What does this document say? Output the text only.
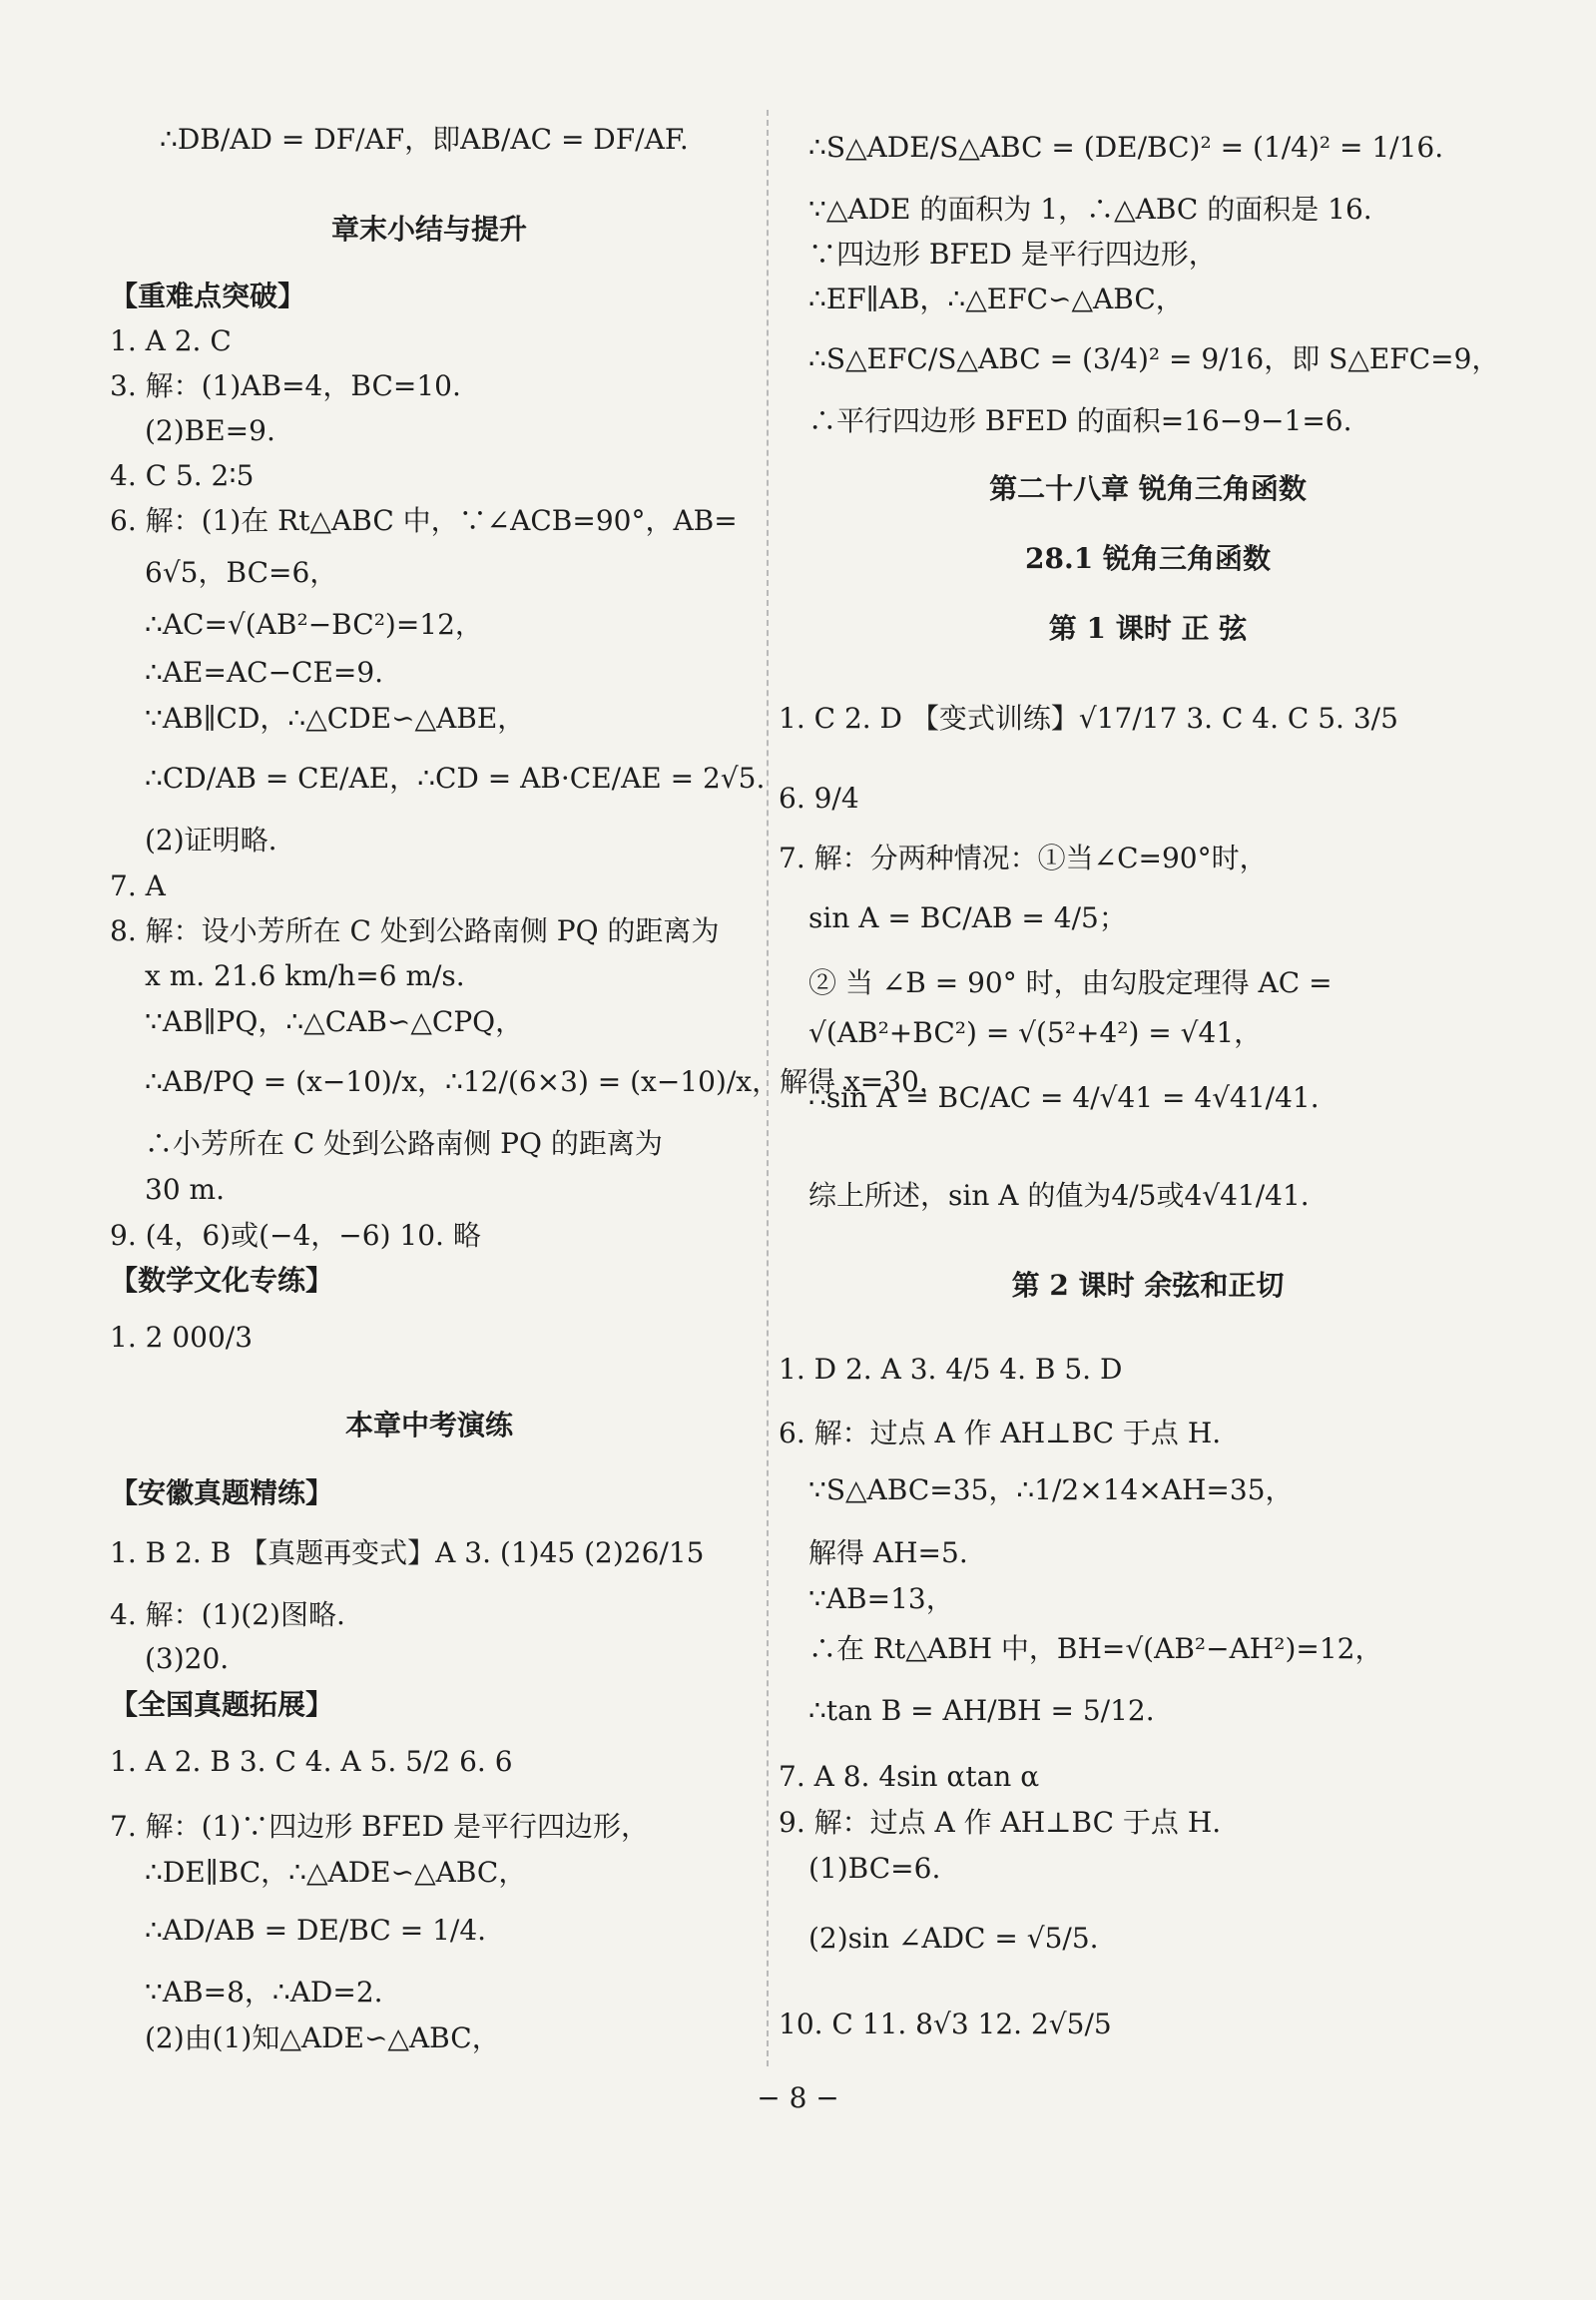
∴DB/AD = DF/AF，即AB/AC = DF/AF.
章末小结与提升
【重难点突破】
1. A 2. C
3. 解：(1)AB=4，BC=10.
(2)BE=9.
4. C 5. 2∶5
6. 解：(1)在 Rt△ABC 中，∵∠ACB=90°，AB=
6√5，BC=6，
∴AC=√(AB²−BC²)=12，
∴AE=AC−CE=9.
∵AB∥CD，∴△CDE∽△ABE，
∴CD/AB = CE/AE，∴CD = AB·CE/AE = 2√5.
(2)证明略.
7. A
8. 解：设小芳所在 C 处到公路南侧 PQ 的距离为
x m. 21.6 km/h=6 m/s.
∵AB∥PQ，∴△CAB∽△CPQ，
∴AB/PQ = (x−10)/x，∴12/(6×3) = (x−10)/x，解得 x=30，
∴小芳所在 C 处到公路南侧 PQ 的距离为
30 m.
9. (4，6)或(−4，−6) 10. 略
【数学文化专练】
1. 2 000/3
本章中考演练
【安徽真题精练】
1. B 2. B 【真题再变式】A 3. (1)45 (2)26/15
4. 解：(1)(2)图略.
(3)20.
【全国真题拓展】
1. A 2. B 3. C 4. A 5. 5/2 6. 6
7. 解：(1)∵四边形 BFED 是平行四边形，
∴DE∥BC，∴△ADE∽△ABC，
∴AD/AB = DE/BC = 1/4.
∵AB=8，∴AD=2.
(2)由(1)知△ADE∽△ABC，
∴S△ADE/S△ABC = (DE/BC)² = (1/4)² = 1/16.
∵△ADE 的面积为 1，∴△ABC 的面积是 16.
∵四边形 BFED 是平行四边形，
∴EF∥AB，∴△EFC∽△ABC，
∴S△EFC/S△ABC = (3/4)² = 9/16，即 S△EFC=9，
∴平行四边形 BFED 的面积=16−9−1=6.
第二十八章 锐角三角函数
28.1 锐角三角函数
第 1 课时 正 弦
1. C 2. D 【变式训练】√17/17 3. C 4. C 5. 3/5
6. 9/4
7. 解：分两种情况：①当∠C=90°时，
sin A = BC/AB = 4/5；
② 当 ∠B = 90° 时，由勾股定理得 AC =
√(AB²+BC²) = √(5²+4²) = √41，
∴sin A = BC/AC = 4/√41 = 4√41/41.
综上所述，sin A 的值为4/5或4√41/41.
第 2 课时 余弦和正切
1. D 2. A 3. 4/5 4. B 5. D
6. 解：过点 A 作 AH⊥BC 于点 H.
∵S△ABC=35，∴1/2×14×AH=35，
解得 AH=5.
∵AB=13，
∴在 Rt△ABH 中，BH=√(AB²−AH²)=12，
∴tan B = AH/BH = 5/12.
7. A 8. 4sin αtan α
9. 解：过点 A 作 AH⊥BC 于点 H.
(1)BC=6.
(2)sin ∠ADC = √5/5.
10. C 11. 8√3 12. 2√5/5
− 8 −
